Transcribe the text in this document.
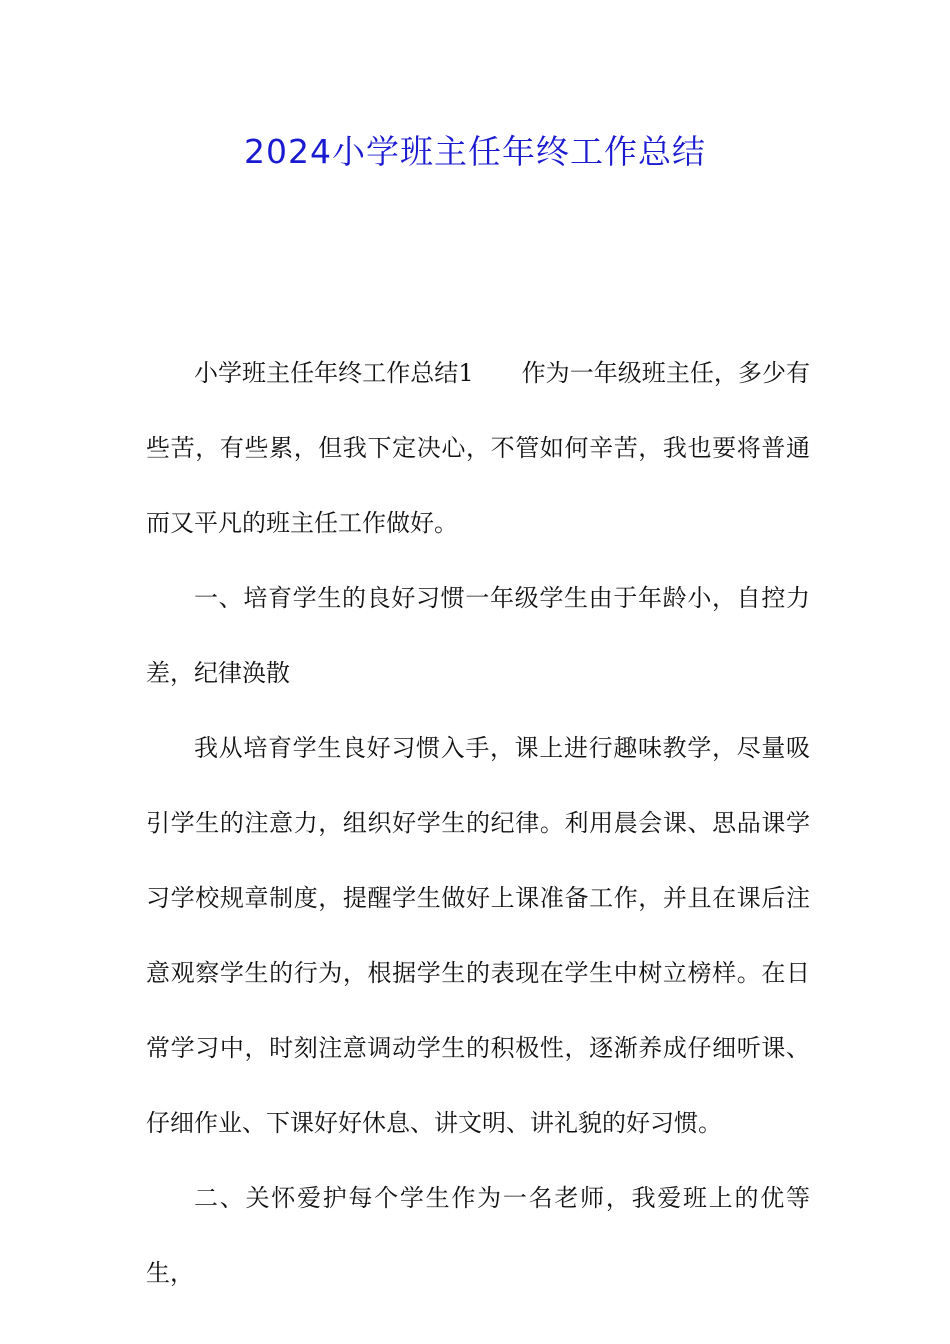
2024小学班主任年终工作总结

小学班主任年终工作总结1 作为一年级班主任，多少有些苦，有些累，但我下定决心，不管如何辛苦，我也要将普通而又平凡的班主任工作做好。

一、培育学生的良好习惯一年级学生由于年龄小，自控力差，纪律涣散

我从培育学生良好习惯入手，课上进行趣味教学，尽量吸引学生的注意力，组织好学生的纪律。利用晨会课、思品课学习学校规章制度，提醒学生做好上课准备工作，并且在课后注意观察学生的行为，根据学生的表现在学生中树立榜样。在日常学习中，时刻注意调动学生的积极性，逐渐养成仔细听课、仔细作业、下课好好休息、讲文明、讲礼貌的好习惯。

二、关怀爱护每个学生作为一名老师，我爱班上的优等生，
